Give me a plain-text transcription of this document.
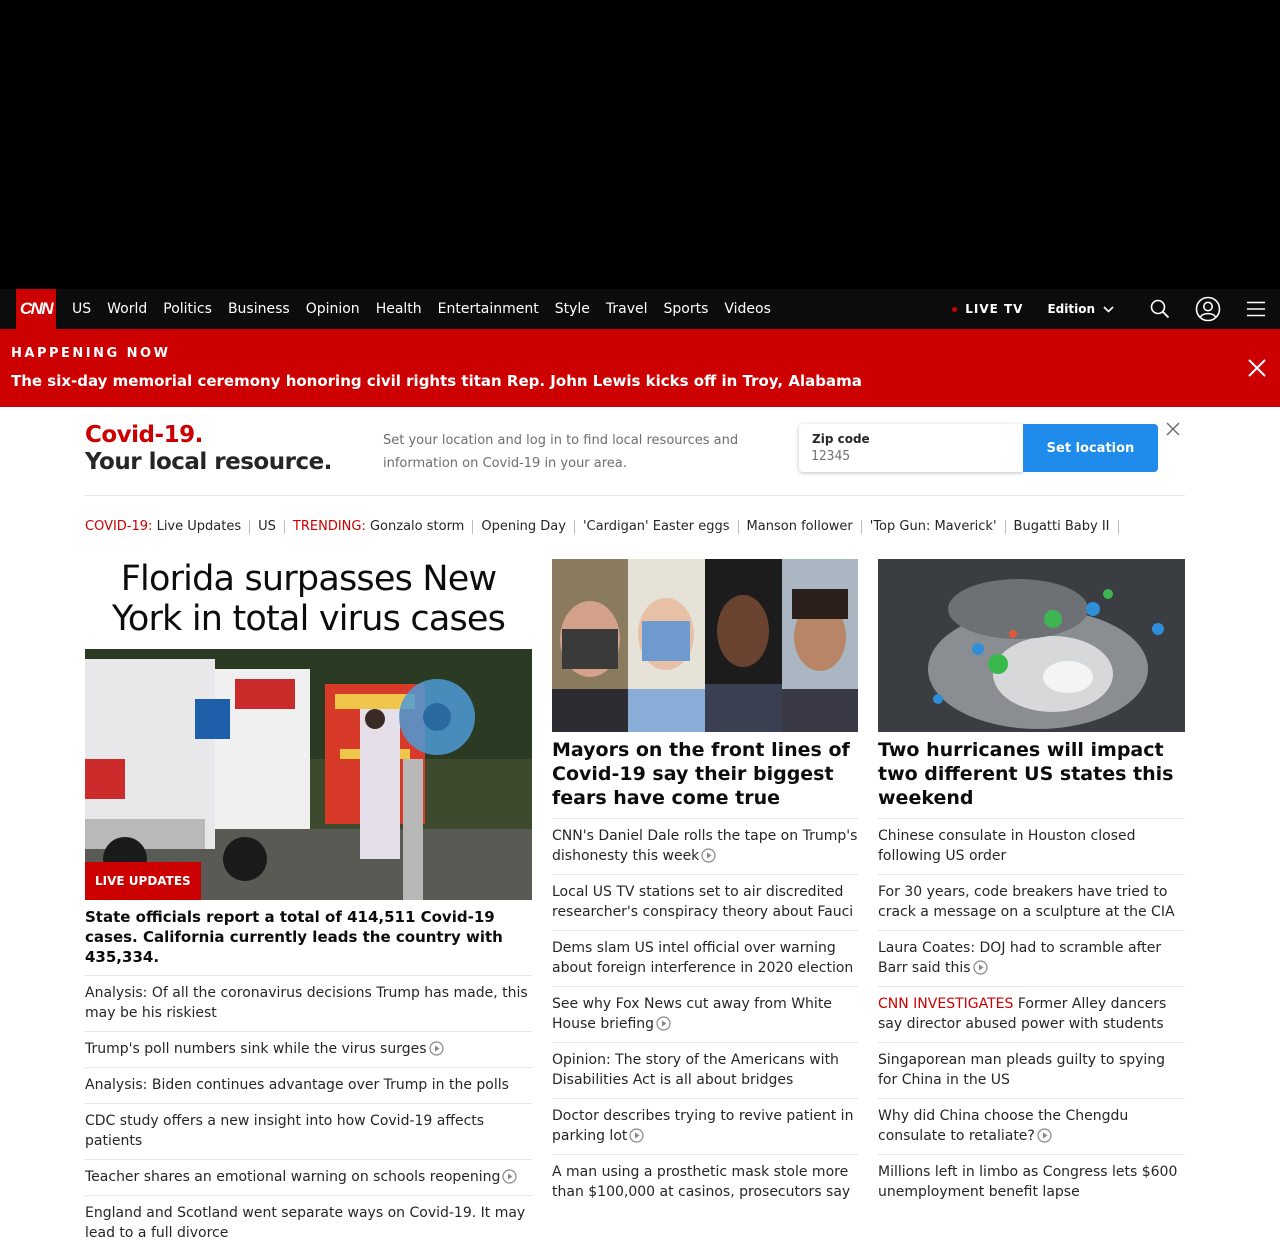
CNN	US	World	Politics	Business	Opinion	Health	Entertainment	Style	Travel	Sports	Videos	LIVE TV Edition
HAPPENING NOW
The six-day memorial ceremony honoring civil rights titan Rep. John Lewis kicks off in Troy, Alabama
Covid-19.
Your local resource.
Set your location and log in to find local resources and information on Covid-19 in your area.
Zip code
12345
Set location
COVID-19: Live Updates	US	TRENDING: Gonzalo storm	Opening Day	'Cardigan' Easter eggs	Manson follower	'Top Gun: Maverick'	Bugatti Baby II
Florida surpasses New York in total virus cases
LIVE UPDATES
State officials report a total of 414,511 Covid-19 cases. California currently leads the country with 435,334.
Analysis: Of all the coronavirus decisions Trump has made, this may be his riskiest
Trump's poll numbers sink while the virus surges
Analysis: Biden continues advantage over Trump in the polls
CDC study offers a new insight into how Covid-19 affects patients
Teacher shares an emotional warning on schools reopening
England and Scotland went separate ways on Covid-19. It may lead to a full divorce
Mayors on the front lines of Covid-19 say their biggest fears have come true
CNN's Daniel Dale rolls the tape on Trump's dishonesty this week
Local US TV stations set to air discredited researcher's conspiracy theory about Fauci
Dems slam US intel official over warning about foreign interference in 2020 election
See why Fox News cut away from White House briefing
Opinion: The story of the Americans with Disabilities Act is all about bridges
Doctor describes trying to revive patient in parking lot
A man using a prosthetic mask stole more than $100,000 at casinos, prosecutors say
Two hurricanes will impact two different US states this weekend
Chinese consulate in Houston closed following US order
For 30 years, code breakers have tried to crack a message on a sculpture at the CIA
Laura Coates: DOJ had to scramble after Barr said this
CNN INVESTIGATES Former Alley dancers say director abused power with students
Singaporean man pleads guilty to spying for China in the US
Why did China choose the Chengdu consulate to retaliate?
Millions left in limbo as Congress lets $600 unemployment benefit lapse
